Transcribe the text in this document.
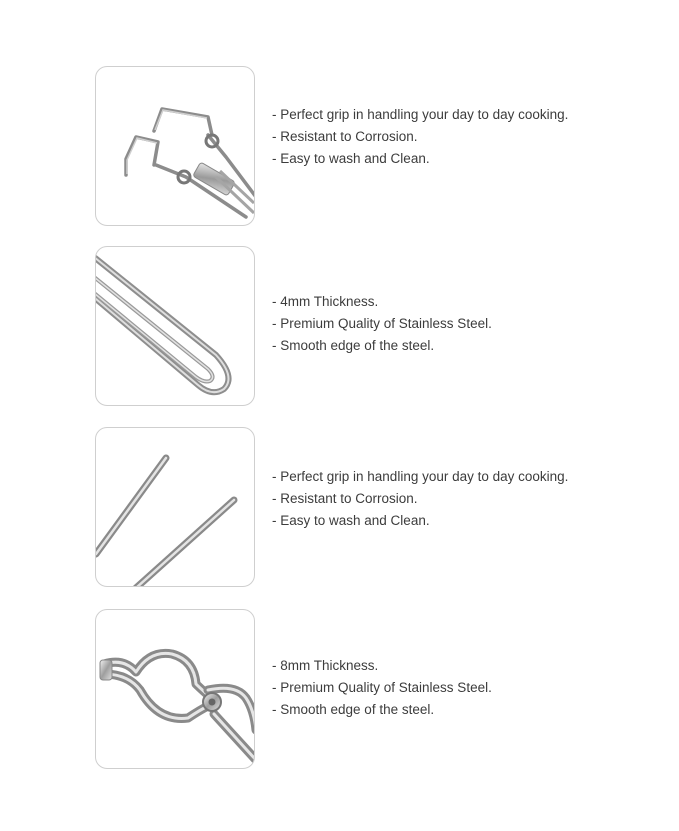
- Perfect grip in handling your day to day cooking.
- Resistant to Corrosion.
- Easy to wash and Clean.
- 4mm Thickness.
- Premium Quality of Stainless Steel.
- Smooth edge of the steel.
- Perfect grip in handling your day to day cooking.
- Resistant to Corrosion.
- Easy to wash and Clean.
- 8mm Thickness.
- Premium Quality of Stainless Steel.
- Smooth edge of the steel.
